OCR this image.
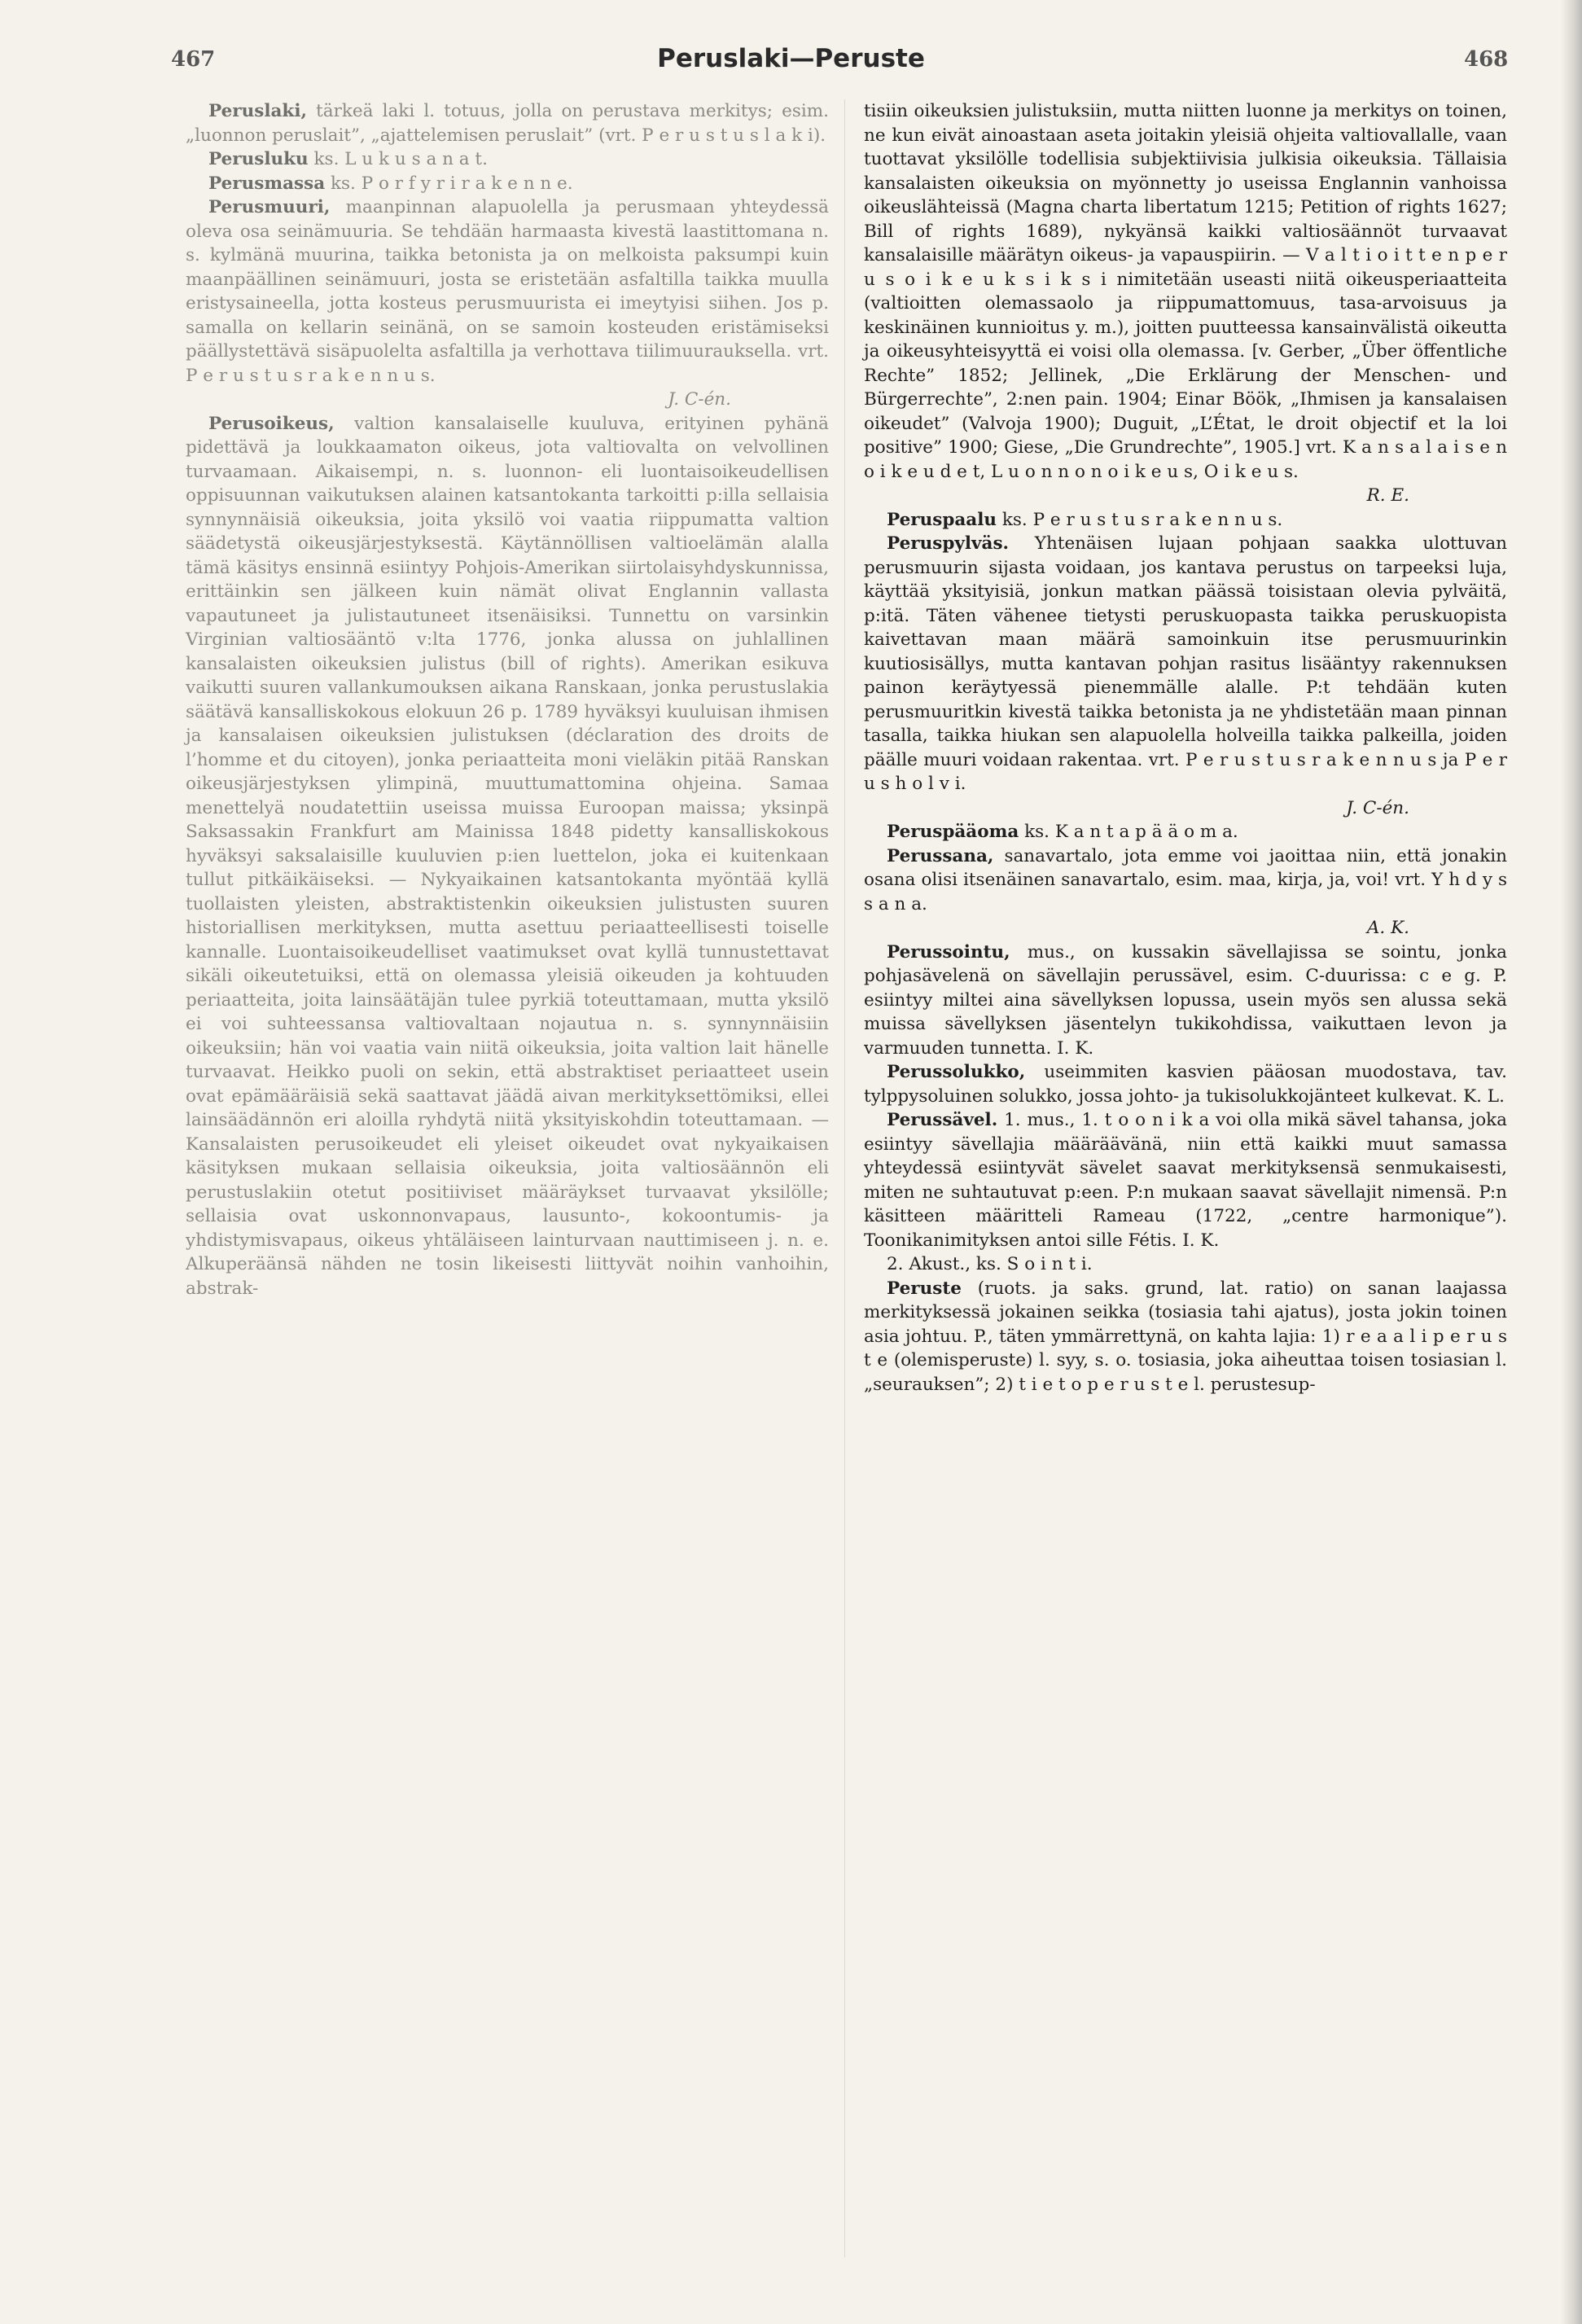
467	Peruslaki—Peruste	468

Peruslaki, tärkeä laki l. totuus, jolla on perustava merkitys; esim. „luonnon peruslait”, „ajattelemisen peruslait” (vrt. P e r u s t u s l a k i).

Perusluku ks. L u k u s a n a t.

Perusmassa ks. P o r f y r i r a k e n n e.

Perusmuuri, maanpinnan alapuolella ja perusmaan yhteydessä oleva osa seinämuuria. Se tehdään harmaasta kivestä laastittomana n. s. kylmänä muurina, taikka betonista ja on melkoista paksumpi kuin maanpäällinen seinämuuri, josta se eristetään asfaltilla taikka muulla eristysaineella, jotta kosteus perusmuurista ei imeytyisi siihen. Jos p. samalla on kellarin seinänä, on se samoin kosteuden eristämiseksi päällystettävä sisäpuolelta asfaltilla ja verhottava tiilimuurauksella. vrt. P e r u s t u s r a k e n n u s.
J. C-én.

Perusoikeus, valtion kansalaiselle kuuluva, erityinen pyhänä pidettävä ja loukkaamaton oikeus, jota valtiovalta on velvollinen turvaamaan. Aikaisempi, n. s. luonnon- eli luontaisoikeudellisen oppisuunnan vaikutuksen alainen katsantokanta tarkoitti p:illa sellaisia synnynnäisiä oikeuksia, joita yksilö voi vaatia riippumatta valtion säädetystä oikeusjärjestyksestä. Käytännöllisen valtioelämän alalla tämä käsitys ensinnä esiintyy Pohjois-Amerikan siirtolaisyhdyskunnissa, erittäinkin sen jälkeen kuin nämät olivat Englannin vallasta vapautuneet ja julistautuneet itsenäisiksi. Tunnettu on varsinkin Virginian valtiosääntö v:lta 1776, jonka alussa on juhlallinen kansalaisten oikeuksien julistus (bill of rights). Amerikan esikuva vaikutti suuren vallankumouksen aikana Ranskaan, jonka perustuslakia säätävä kansalliskokous elokuun 26 p. 1789 hyväksyi kuuluisan ihmisen ja kansalaisen oikeuksien julistuksen (déclaration des droits de l’homme et du citoyen), jonka periaatteita moni vieläkin pitää Ranskan oikeusjärjestyksen ylimpinä, muuttumattomina ohjeina. Samaa menettelyä noudatettiin useissa muissa Euroopan maissa; yksinpä Saksassakin Frankfurt am Mainissa 1848 pidetty kansalliskokous hyväksyi saksalaisille kuuluvien p:ien luettelon, joka ei kuitenkaan tullut pitkäikäiseksi. — Nykyaikainen katsantokanta myöntää kyllä tuollaisten yleisten, abstraktistenkin oikeuksien julistusten suuren historiallisen merkityksen, mutta asettuu periaatteellisesti toiselle kannalle. Luontaisoikeudelliset vaatimukset ovat kyllä tunnustettavat sikäli oikeutetuiksi, että on olemassa yleisiä oikeuden ja kohtuuden periaatteita, joita lainsäätäjän tulee pyrkiä toteuttamaan, mutta yksilö ei voi suhteessansa valtiovaltaan nojautua n. s. synnynnäisiin oikeuksiin; hän voi vaatia vain niitä oikeuksia, joita valtion lait hänelle turvaavat. Heikko puoli on sekin, että abstraktiset periaatteet usein ovat epämääräisiä sekä saattavat jäädä aivan merkityksettömiksi, ellei lainsäädännön eri aloilla ryhdytä niitä yksityiskohdin toteuttamaan. — Kansalaisten perusoikeudet eli yleiset oikeudet ovat nykyaikaisen käsityksen mukaan sellaisia oikeuksia, joita valtiosäännön eli perustuslakiin otetut positiiviset määräykset turvaavat yksilölle; sellaisia ovat uskonnonvapaus, lausunto-, kokoontumis- ja yhdistymisvapaus, oikeus yhtäläiseen lainturvaan nauttimiseen j. n. e. Alkuperäänsä nähden ne tosin likeisesti liittyvät noihin vanhoihin, abstrak-

tisiin oikeuksien julistuksiin, mutta niitten luonne ja merkitys on toinen, ne kun eivät ainoastaan aseta joitakin yleisiä ohjeita valtiovallalle, vaan tuottavat yksilölle todellisia subjektiivisia julkisia oikeuksia. Tällaisia kansalaisten oikeuksia on myönnetty jo useissa Englannin vanhoissa oikeuslähteissä (Magna charta libertatum 1215; Petition of rights 1627; Bill of rights 1689), nykyänsä kaikki valtiosäännöt turvaavat kansalaisille määrätyn oikeus- ja vapauspiirin. — V a l t i o i t t e n p e r u s o i k e u k s i k s i nimitetään useasti niitä oikeusperiaatteita (valtioitten olemassaolo ja riippumattomuus, tasa-arvoisuus ja keskinäinen kunnioitus y. m.), joitten puutteessa kansainvälistä oikeutta ja oikeusyhteisyyttä ei voisi olla olemassa. [v. Gerber, „Über öffentliche Rechte” 1852; Jellinek, „Die Erklärung der Menschen- und Bürgerrechte”, 2:nen pain. 1904; Einar Böök, „Ihmisen ja kansalaisen oikeudet” (Valvoja 1900); Duguit, „L’État, le droit objectif et la loi positive” 1900; Giese, „Die Grundrechte”, 1905.] vrt. K a n s a l a i s e n o i k e u d e t, L u o n n o n o i k e u s, O i k e u s.
R. E.

Peruspaalu ks. P e r u s t u s r a k e n n u s.

Peruspylväs. Yhtenäisen lujaan pohjaan saakka ulottuvan perusmuurin sijasta voidaan, jos kantava perustus on tarpeeksi luja, käyttää yksityisiä, jonkun matkan päässä toisistaan olevia pylväitä, p:itä. Täten vähenee tietysti peruskuopasta taikka peruskuopista kaivettavan maan määrä samoinkuin itse perusmuurinkin kuutiosisällys, mutta kantavan pohjan rasitus lisääntyy rakennuksen painon keräytyessä pienemmälle alalle. P:t tehdään kuten perusmuuritkin kivestä taikka betonista ja ne yhdistetään maan pinnan tasalla, taikka hiukan sen alapuolella holveilla taikka palkeilla, joiden päälle muuri voidaan rakentaa. vrt. P e r u s t u s r a k e n n u s ja P e r u s h o l v i.
J. C-én.

Peruspääoma ks. K a n t a p ä ä o m a.

Perussana, sanavartalo, jota emme voi jaoittaa niin, että jonakin osana olisi itsenäinen sanavartalo, esim. maa, kirja, ja, voi! vrt. Y h d y s s a n a.
A. K.

Perussointu, mus., on kussakin sävellajissa se sointu, jonka pohjasävelenä on sävellajin perussävel, esim. C-duurissa: c e g. P. esiintyy miltei aina sävellyksen lopussa, usein myös sen alussa sekä muissa sävellyksen jäsentelyn tukikohdissa, vaikuttaen levon ja varmuuden tunnetta. I. K.

Perussolukko, useimmiten kasvien pääosan muodostava, tav. tylppysoluinen solukko, jossa johto- ja tukisolukkojänteet kulkevat. K. L.

Perussävel. 1. mus., 1. t o o n i k a voi olla mikä sävel tahansa, joka esiintyy sävellajia määräävänä, niin että kaikki muut samassa yhteydessä esiintyvät sävelet saavat merkityksensä senmukaisesti, miten ne suhtautuvat p:een. P:n mukaan saavat sävellajit nimensä. P:n käsitteen määritteli Rameau (1722, „centre harmonique”). Toonikanimityksen antoi sille Fétis. I. K.

2. Akust., ks. S o i n t i.

Peruste (ruots. ja saks. grund, lat. ratio) on sanan laajassa merkityksessä jokainen seikka (tosiasia tahi ajatus), josta jokin toinen asia johtuu. P., täten ymmärrettynä, on kahta lajia: 1) r e a a l i p e r u s t e (olemisperuste) l. syy, s. o. tosiasia, joka aiheuttaa toisen tosiasian l. „seurauksen”; 2) t i e t o p e r u s t e l. perustesup-
